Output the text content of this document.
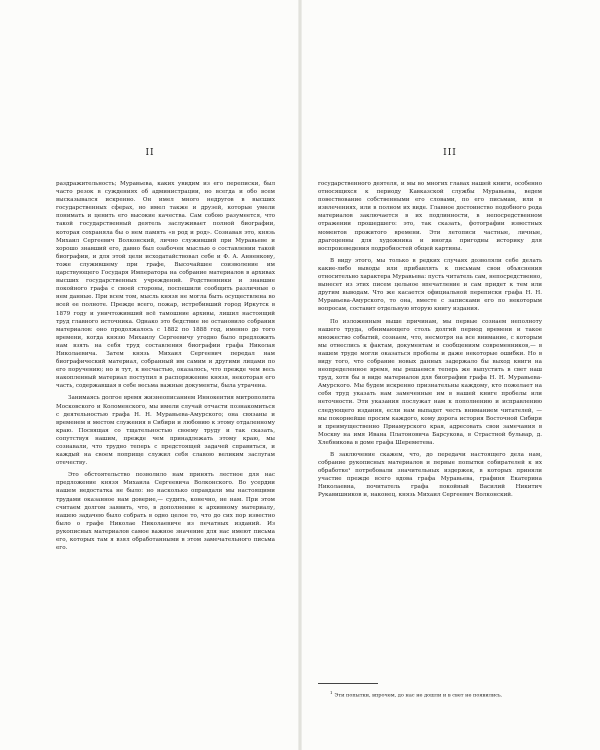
II

раздражительность; Муравьева, каких увидим из его переписки, был часто резок в суждениях об администрации, но всегда и обо всем высказывался искренно. Он имел много недругов в высших государственных сферах, но имел также и друзей, которые умели понимать и ценить его высокие качества. Сам собою разумеется, что такой государственный деятель заслуживает полной биографии, которая сохраняла бы о нем память «в род и род». Сознавая это, князь Михаил Сергеевич Волконский, лично служивший при Муравьеве и хорошо знавший его, давно был озабочен мыслью о составлении такой биографии, и для этой цели исходатайствовал себе и Ф. А. Анненкову, тоже служившему при графе, Высочайшее соизволение им царствующего Государя Императора на собрание материалов в архивах высших государственных учреждений. Родственники и знавшие покойного графа с своей стороны, поспешили сообщить различные о нем данные. При всем том, мысль князя не могла быть осуществлена во всей ее полноте. Прежде всего, пожар, истребивший город Иркутск в 1879 году и уничтоживший всё тамошние архивы, лишил настоящий труд главного источника. Однако это бедствие не остановило собрания материалов: оно продолжалось с 1882 по 1888 год, именно до того времени, когда князю Михаилу Сергеевичу угодно было предложить нам взять на себя труд составления биографии графа Николая Николаевича. Затем князь Михаил Сергеевич передал нам биографический материал, собранный им самим и другими лицами по его поручению; но и тут, к несчастью, оказалось, что прежде чем весь накопленный материал поступил в распоряжение князя, некоторая его часть, содержавшая в себе весьма важные документы, была утрачена.

Занимаясь долгое время жизнеописанием Иннокентия митрополита Московского и Коломенского, мы имели случай отчасти познакомиться с деятельностью графа Н. Н. Муравьева-Амурского; она связаны и временем и местом служения в Сибири и любовию к этому отдаленному краю. Посвящая со тщательностью своему труду и так сказать, сопутствуя нашим, прежде чем принадлежать этому краю, мы сознавали, что трудно теперь с предстоящей задачей справиться, и каждый на своем поприще служил себя славою великим заслугам отечеству.

Это обстоятельство позволило нам принять лестное для нас предложение князя Михаила Сергеевича Волконского. Во усердии нашем недостатка не было: но насколько оправдали мы настоящими трудами оказанное нам доверие,— судить, конечно, не нам. При этом считаем долгом заявить, что, в дополнение к архивному материалу, нашею задачею было собрать в одно целое то, что до сих пор известно было о графе Николае Николаевиче из печатных изданий. Из рукописных материалов самое важное значение для нас имеют письма его, которых там я взял обработанными в этом замечательного письма его.

III

государственного деятеля, и мы во многих главах нашей книги, особенно относящихся к периоду Кавказской службы Муравьева, ведем повествование собственными его словами, по его письмам, или в извлечениях, или в полном их виде. Главное достоинство подобного рода материалов заключается в их подлинности, в непосредственном отражении прошедшего: это, так сказать, фотографии известных моментов прожитого времени. Эти летописи частные, личные, драгоценны для художника и иногда пригодны историку для воспроизведения подробностей общей картины.

В виду этого, мы только в редких случаях дозволяли себе делать какие-либо выводы или прибавлять к письмам свои объяснения относительно характера Муравьева: пусть читатель сам, непосредственно, вынесет из этих писем цельное впечатление и сам придет к тем или другим выводам. Что же касается официальной переписки графа Н. Н. Муравьева-Амурского, то она, вместе с записками его по некоторым вопросам, составит отдельную вторую книгу издания.

По изложенным выше причинам, мы первые сознаем неполноту нашего труда, обнимающего столь долгий период времени и такое множество событий, сознаем, что, несмотря на все внимание, с которым мы отнеслись к фактам, документам и сообщениям современников,— в нашем труде могли оказаться пробелы и даже некоторые ошибки. Но в виду того, что собрание новых данных задержало бы выход книги на неопределенное время, мы решаемся теперь же выпустить в свет наш труд, хотя бы в виде материалов для биографии графа Н. Н. Муравьева-Амурского. Мы будем искренно признательны каждому, кто пожелает на себя труд указать нам замеченные им в нашей книге пробелы или неточности. Эти указания послужат нам к пополнению и исправлению следующего издания, если нам выпадет честь вниманием читателей, — мы покорнейше просим каждого, кому дорога история Восточной Сибири и преимущественно Приамурского края, адресовать свои замечания в Москву на имя Ивана Платоновича Барсукова, в Страстной бульвар, д. Хлебникова в доме графа Шереметева.

В заключение скажем, что, до передачи настоящего дела нам, собрание рукописных материалов и первые попытки собирателей к их обработке¹ потребовали значительных издержек, в которых приняли участие прежде всего вдова графа Муравьева, графиня Екатерина Николаевна, почитатель графа покойный Василий Никитич Рукавишников и, наконец, князь Михаил Сергеевич Волконский.

$^1$Эти попытки, впрочем, до нас не дошли и в свет не появились.
